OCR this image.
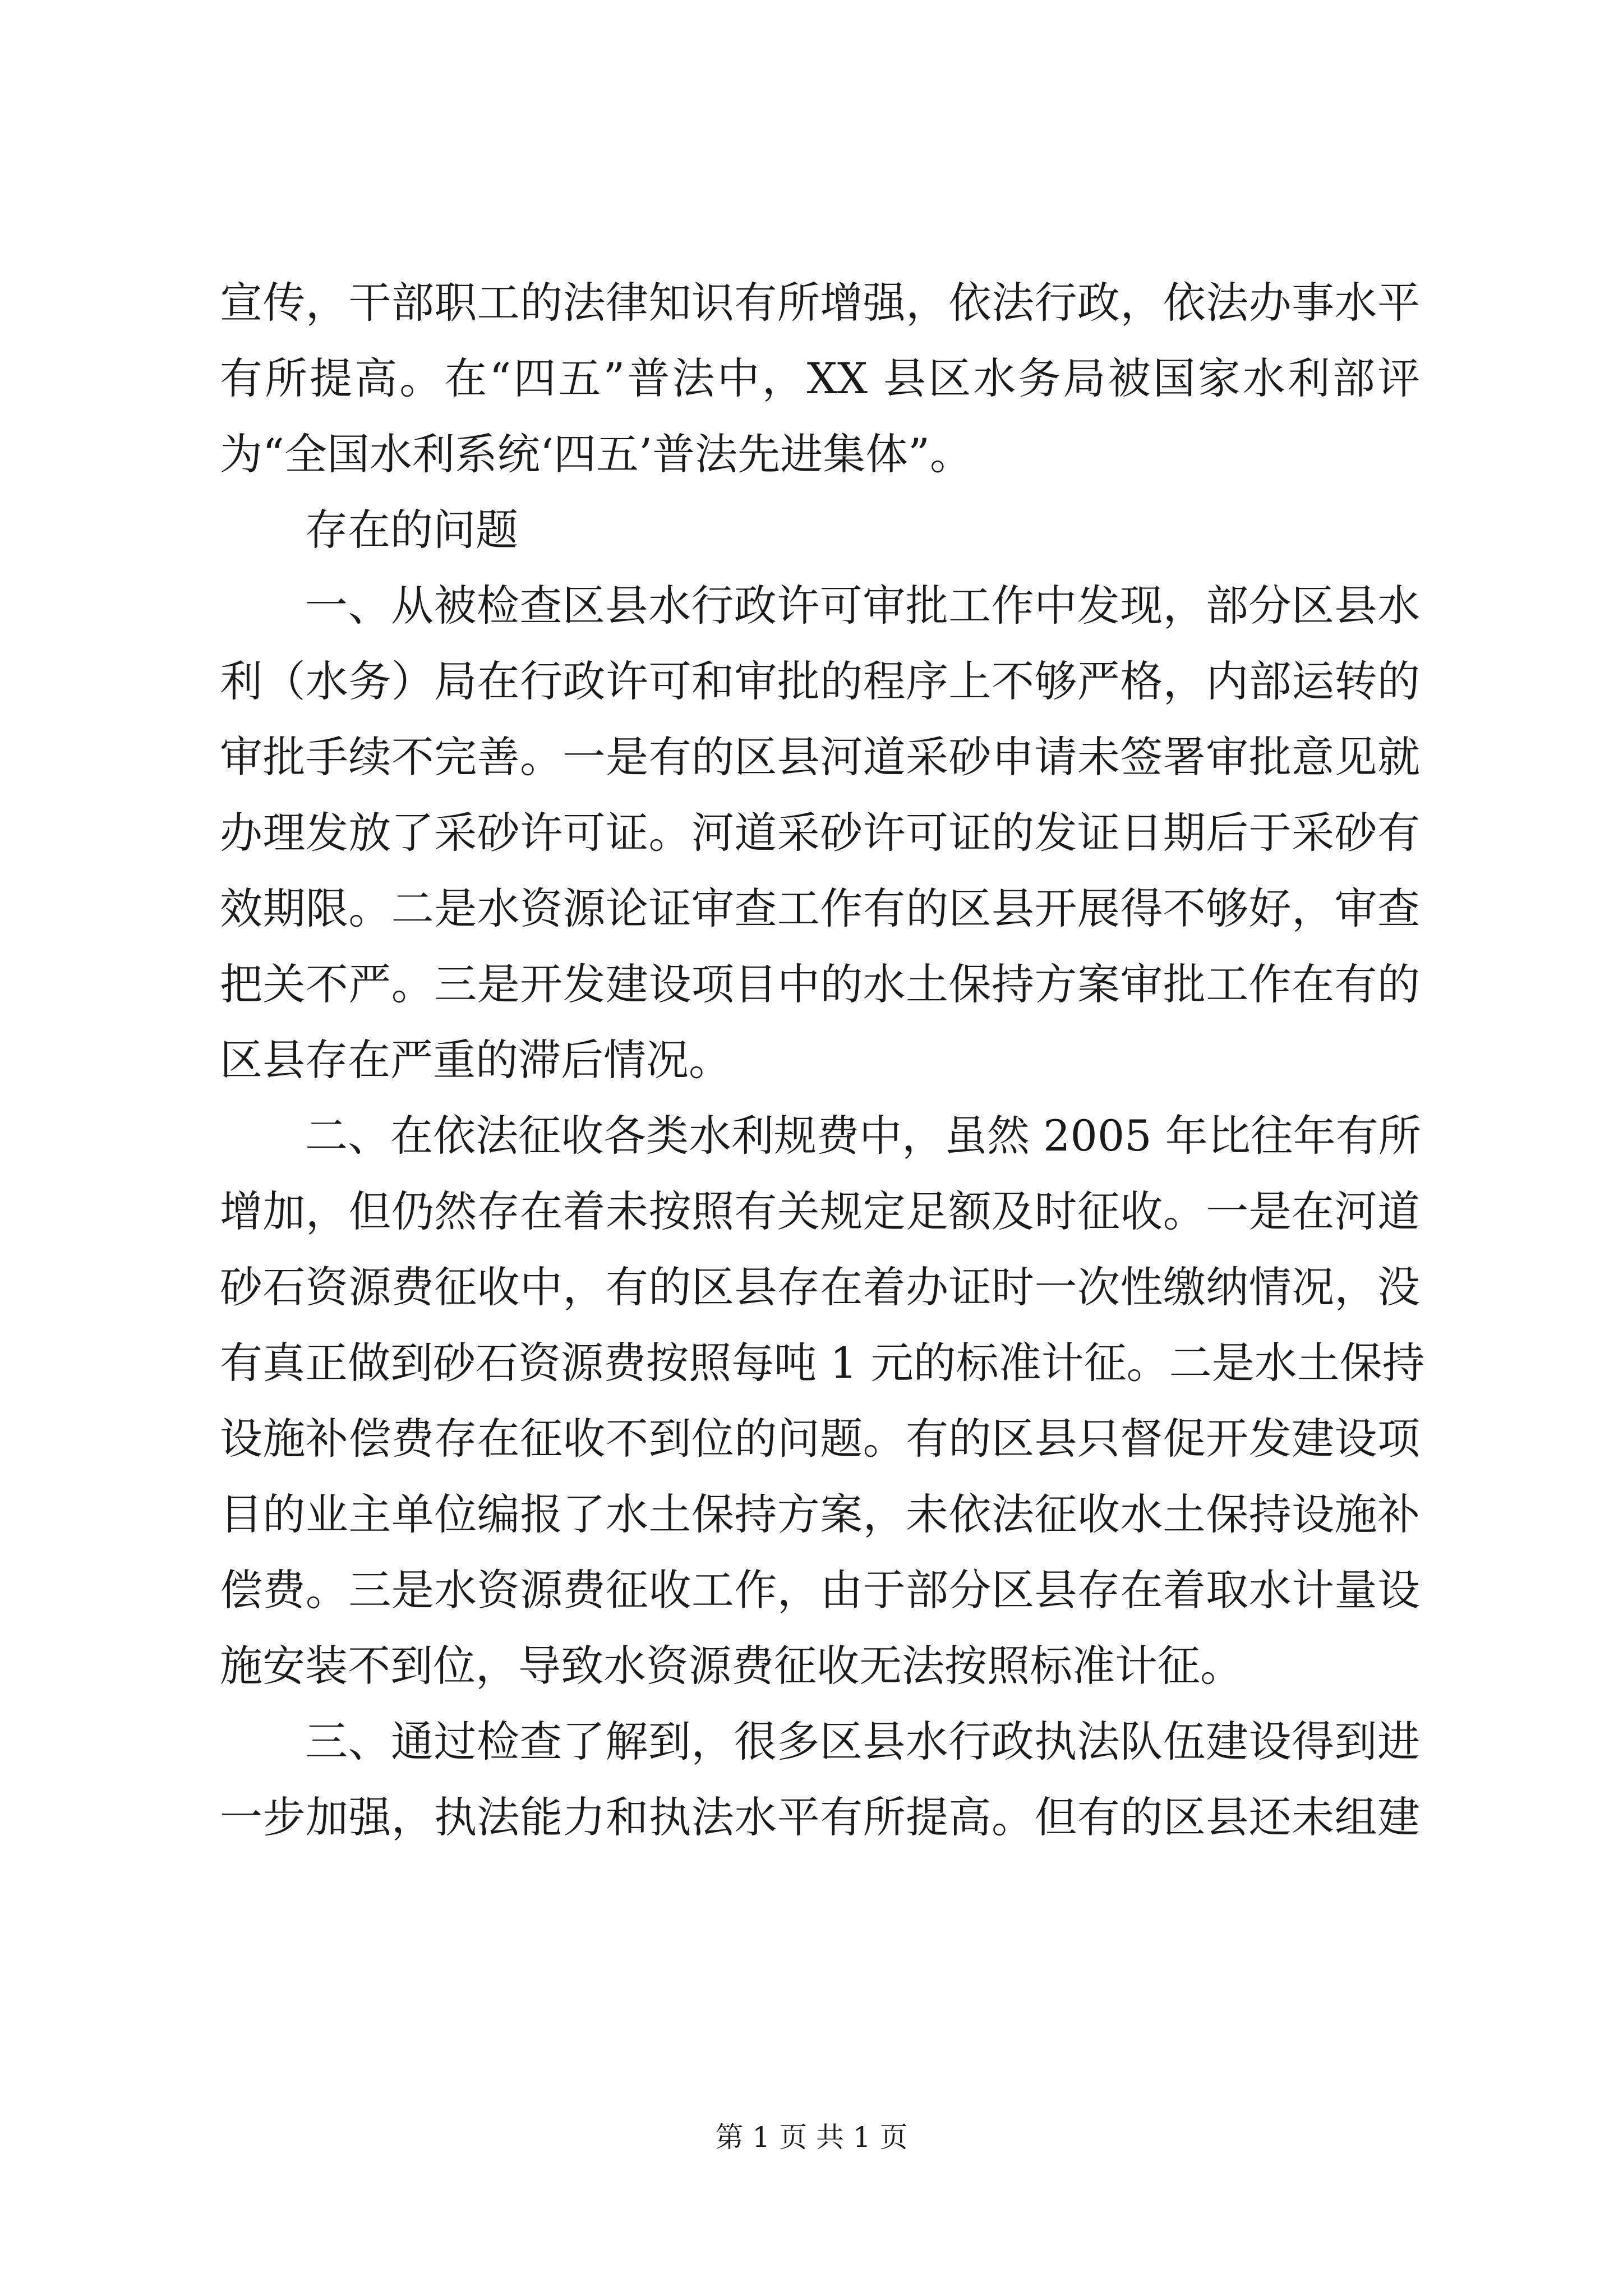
宣传，干部职工的法律知识有所增强，依法行政，依法办事水平
有所提高。在“四五”普法中，XX 县区水务局被国家水利部评
为“全国水利系统‘四五’普法先进集体”。
存在的问题
一、从被检查区县水行政许可审批工作中发现，部分区县水
利（水务）局在行政许可和审批的程序上不够严格，内部运转的
审批手续不完善。一是有的区县河道采砂申请未签署审批意见就
办理发放了采砂许可证。河道采砂许可证的发证日期后于采砂有
效期限。二是水资源论证审查工作有的区县开展得不够好，审查
把关不严。三是开发建设项目中的水土保持方案审批工作在有的
区县存在严重的滞后情况。
二、在依法征收各类水利规费中，虽然 2005 年比往年有所
增加，但仍然存在着未按照有关规定足额及时征收。一是在河道
砂石资源费征收中，有的区县存在着办证时一次性缴纳情况，没
有真正做到砂石资源费按照每吨 1 元的标准计征。二是水土保持
设施补偿费存在征收不到位的问题。有的区县只督促开发建设项
目的业主单位编报了水土保持方案，未依法征收水土保持设施补
偿费。三是水资源费征收工作，由于部分区县存在着取水计量设
施安装不到位，导致水资源费征收无法按照标准计征。
三、通过检查了解到，很多区县水行政执法队伍建设得到进
一步加强，执法能力和执法水平有所提高。但有的区县还未组建
第 1 页 共 1 页
